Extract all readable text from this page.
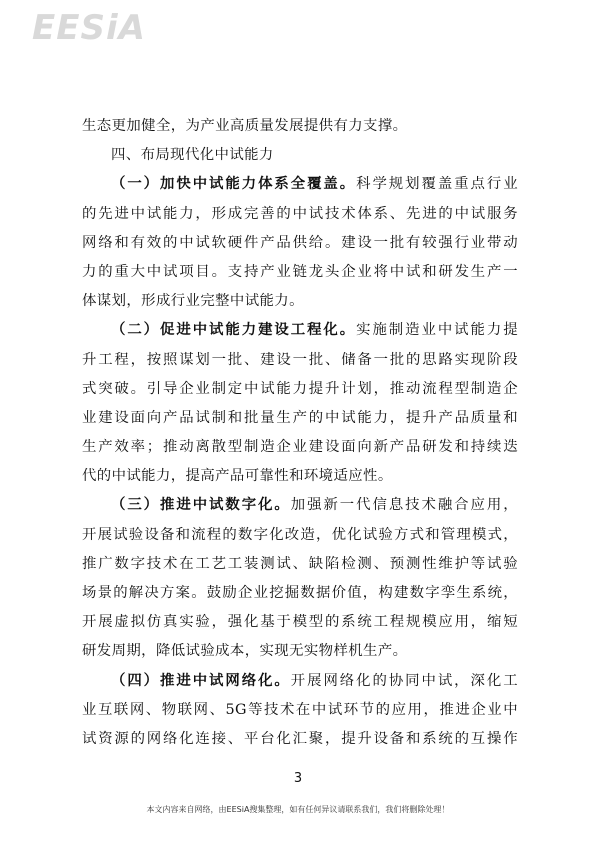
EESiA
生态更加健全，为产业高质量发展提供有力支撑。
四、布局现代化中试能力
（一）加快中试能力体系全覆盖。科学规划覆盖重点行业
的先进中试能力，形成完善的中试技术体系、先进的中试服务
网络和有效的中试软硬件产品供给。建设一批有较强行业带动
力的重大中试项目。支持产业链龙头企业将中试和研发生产一
体谋划，形成行业完整中试能力。
（二）促进中试能力建设工程化。实施制造业中试能力提
升工程，按照谋划一批、建设一批、储备一批的思路实现阶段
式突破。引导企业制定中试能力提升计划，推动流程型制造企
业建设面向产品试制和批量生产的中试能力，提升产品质量和
生产效率；推动离散型制造企业建设面向新产品研发和持续迭
代的中试能力，提高产品可靠性和环境适应性。
（三）推进中试数字化。加强新一代信息技术融合应用，
开展试验设备和流程的数字化改造，优化试验方式和管理模式，
推广数字技术在工艺工装测试、缺陷检测、预测性维护等试验
场景的解决方案。鼓励企业挖掘数据价值，构建数字孪生系统，
开展虚拟仿真实验，强化基于模型的系统工程规模应用，缩短
研发周期，降低试验成本，实现无实物样机生产。
（四）推进中试网络化。开展网络化的协同中试，深化工
业互联网、物联网、5G等技术在中试环节的应用，推进企业中
试资源的网络化连接、平台化汇聚，提升设备和系统的互操作
3
本文内容来自网络，由EESiA搜集整理，如有任何异议请联系我们，我们将删除处理！
